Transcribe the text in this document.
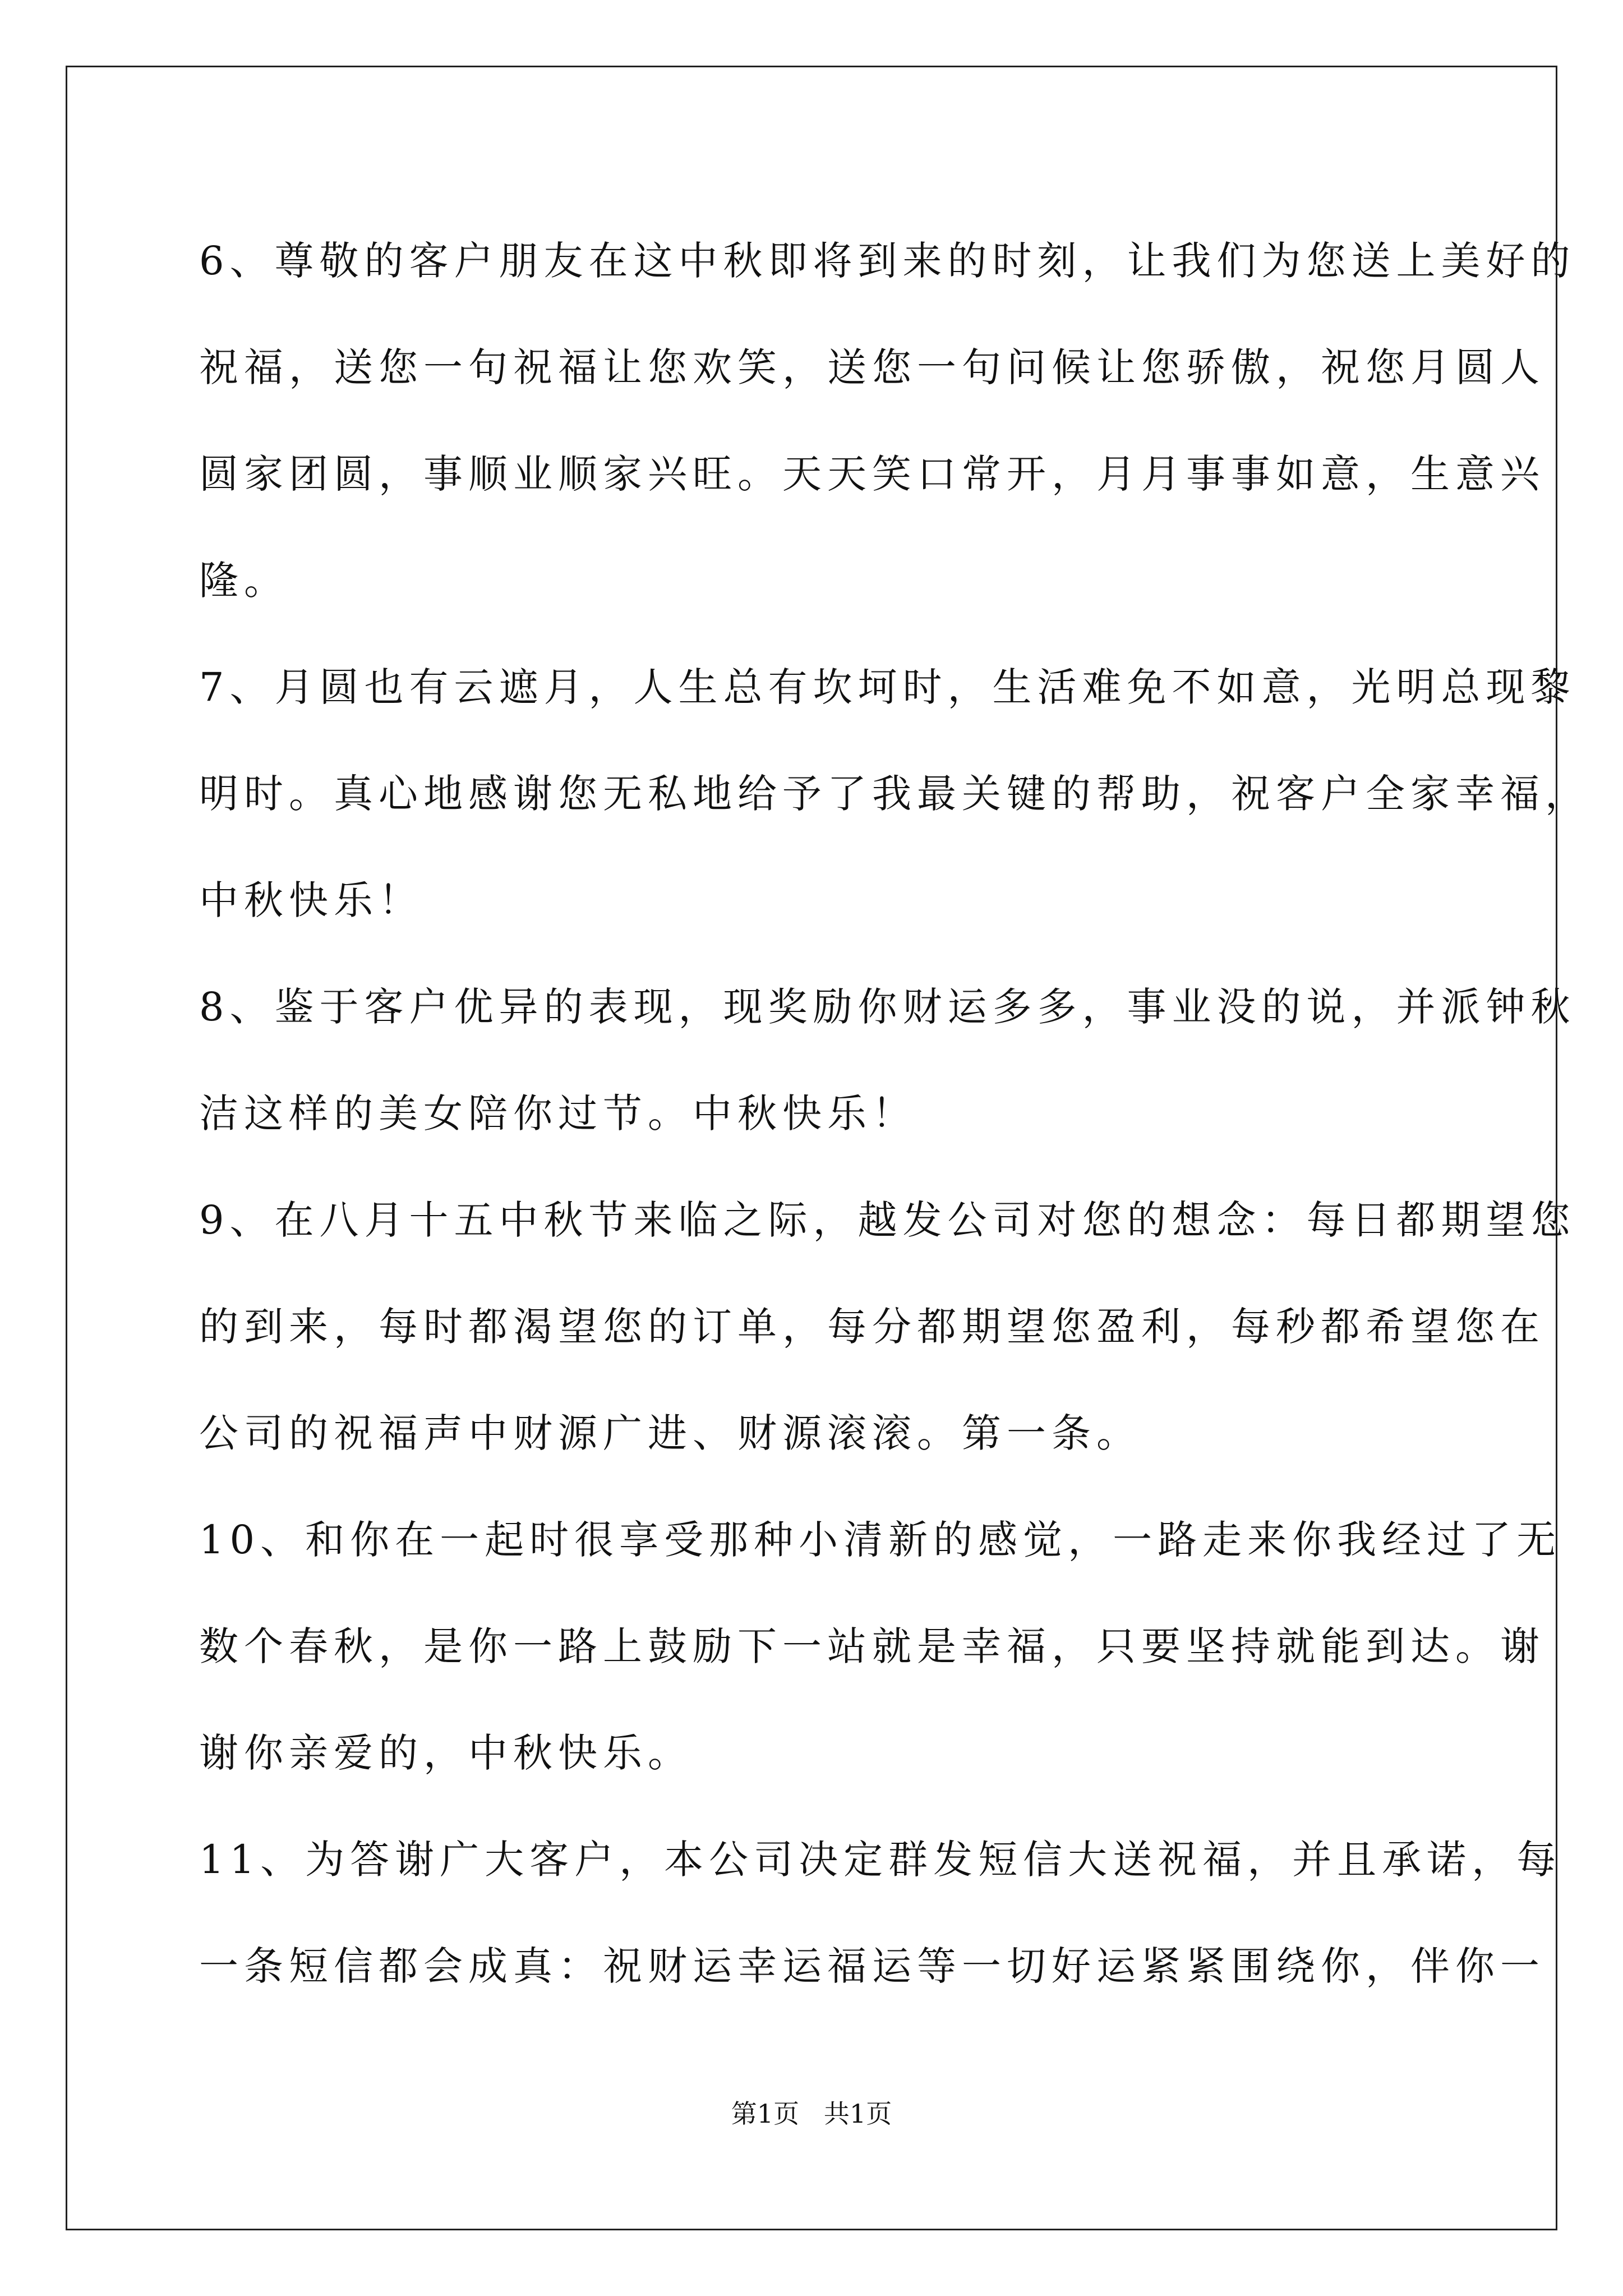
6、尊敬的客户朋友在这中秋即将到来的时刻，让我们为您送上美好的
祝福，送您一句祝福让您欢笑，送您一句问候让您骄傲，祝您月圆人
圆家团圆，事顺业顺家兴旺。天天笑口常开，月月事事如意，生意兴
隆。
7、月圆也有云遮月，人生总有坎坷时，生活难免不如意，光明总现黎
明时。真心地感谢您无私地给予了我最关键的帮助，祝客户全家幸福，
中秋快乐！
8、鉴于客户优异的表现，现奖励你财运多多，事业没的说，并派钟秋
洁这样的美女陪你过节。中秋快乐！
9、在八月十五中秋节来临之际，越发公司对您的想念：每日都期望您
的到来，每时都渴望您的订单，每分都期望您盈利，每秒都希望您在
公司的祝福声中财源广进、财源滚滚。第一条。
10、和你在一起时很享受那种小清新的感觉，一路走来你我经过了无
数个春秋，是你一路上鼓励下一站就是幸福，只要坚持就能到达。谢
谢你亲爱的，中秋快乐。
11、为答谢广大客户，本公司决定群发短信大送祝福，并且承诺，每
一条短信都会成真：祝财运幸运福运等一切好运紧紧围绕你，伴你一
第1页   共1页
